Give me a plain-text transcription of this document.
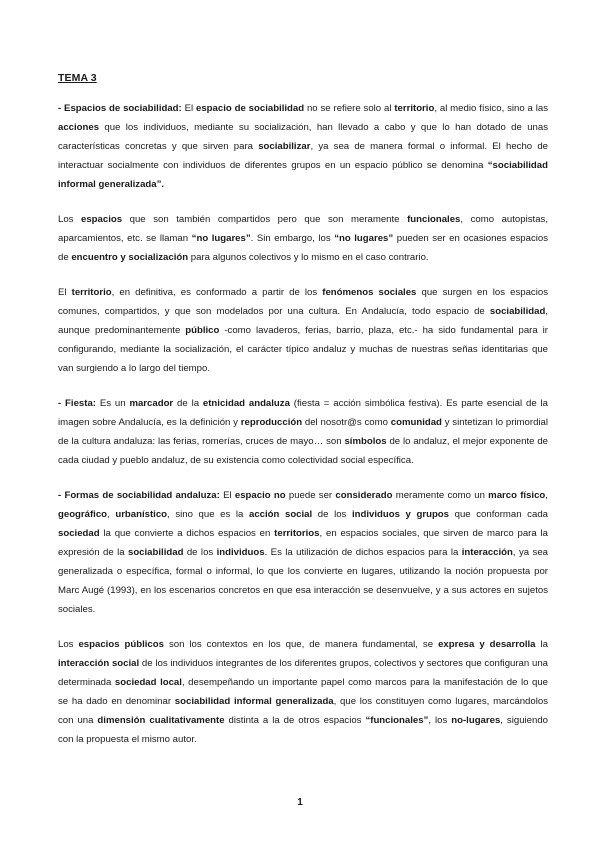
TEMA 3
- Espacios de sociabilidad: El espacio de sociabilidad no se refiere solo al territorio, al medio físico, sino a las acciones que los individuos, mediante su socialización, han llevado a cabo y que lo han dotado de unas características concretas y que sirven para sociabilizar, ya sea de manera formal o informal. El hecho de interactuar socialmente con individuos de diferentes grupos en un espacio público se denomina “sociabilidad informal generalizada”.
Los espacios que son también compartidos pero que son meramente funcionales, como autopistas, aparcamientos, etc. se llaman “no lugares”. Sin embargo, los “no lugares” pueden ser en ocasiones espacios de encuentro y socialización para algunos colectivos y lo mismo en el caso contrario.
El territorio, en definitiva, es conformado a partir de los fenómenos sociales que surgen en los espacios comunes, compartidos, y que son modelados por una cultura. En Andalucía, todo espacio de sociabilidad, aunque predominantemente público -como lavaderos, ferias, barrio, plaza, etc.- ha sido fundamental para ir configurando, mediante la socialización, el carácter típico andaluz y muchas de nuestras señas identitarias que van surgiendo a lo largo del tiempo.
- Fiesta: Es un marcador de la etnicidad andaluza (fiesta = acción simbólica festiva). Es parte esencial de la imagen sobre Andalucía, es la definición y reproducción del nosotr@s como comunidad y sintetizan lo primordial de la cultura andaluza: las ferias, romerías, cruces de mayo… son símbolos de lo andaluz, el mejor exponente de cada ciudad y pueblo andaluz, de su existencia como colectividad social específica.
- Formas de sociabilidad andaluza: El espacio no puede ser considerado meramente como un marco físico, geográfico, urbanístico, sino que es la acción social de los individuos y grupos que conforman cada sociedad la que convierte a dichos espacios en territorios, en espacios sociales, que sirven de marco para la expresión de la sociabilidad de los individuos. Es la utilización de dichos espacios para la interacción, ya sea generalizada o específica, formal o informal, lo que los convierte en lugares, utilizando la noción propuesta por Marc Augé (1993), en los escenarios concretos en que esa interacción se desenvuelve, y a sus actores en sujetos sociales.
Los espacios públicos son los contextos en los que, de manera fundamental, se expresa y desarrolla la interacción social de los individuos integrantes de los diferentes grupos, colectivos y sectores que configuran una determinada sociedad local, desempeñando un importante papel como marcos para la manifestación de lo que se ha dado en denominar sociabilidad informal generalizada, que los constituyen como lugares, marcándolos con una dimensión cualitativamente distinta a la de otros espacios “funcionales”, los no-lugares, siguiendo con la propuesta el mismo autor.
1
